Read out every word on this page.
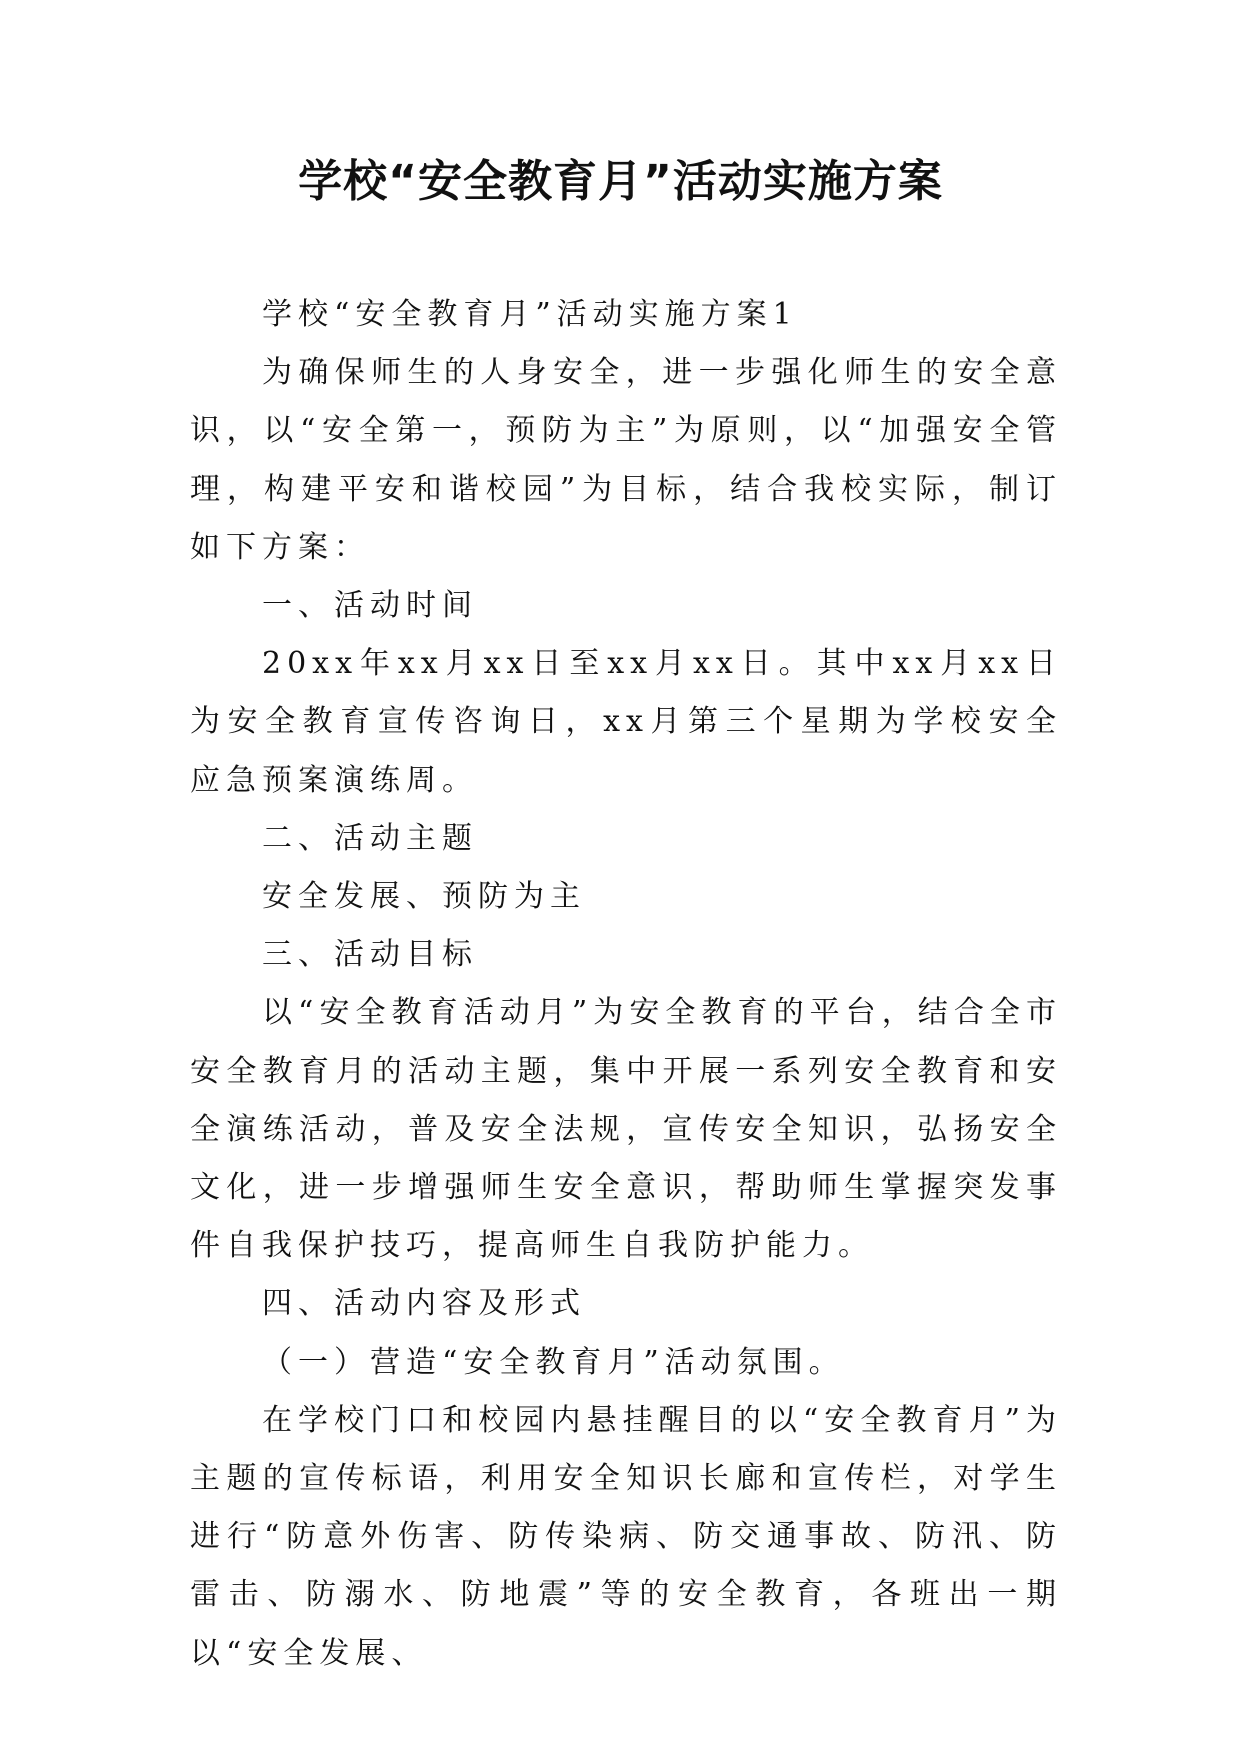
学校“安全教育月”活动实施方案

学校“安全教育月”活动实施方案1

为确保师生的人身安全，进一步强化师生的安全意识，以“安全第一，预防为主”为原则，以“加强安全管理，构建平安和谐校园”为目标，结合我校实际，制订如下方案：

一、活动时间

20xx年xx月xx日至xx月xx日。其中xx月xx日为安全教育宣传咨询日，xx月第三个星期为学校安全应急预案演练周。

二、活动主题

安全发展、预防为主

三、活动目标

以“安全教育活动月”为安全教育的平台，结合全市安全教育月的活动主题，集中开展一系列安全教育和安全演练活动，普及安全法规，宣传安全知识，弘扬安全文化，进一步增强师生安全意识，帮助师生掌握突发事件自我保护技巧，提高师生自我防护能力。

四、活动内容及形式

（一）营造“安全教育月”活动氛围。

在学校门口和校园内悬挂醒目的以“安全教育月”为主题的宣传标语，利用安全知识长廊和宣传栏，对学生进行“防意外伤害、防传染病、防交通事故、防汛、防雷击、防溺水、防地震”等的安全教育，各班出一期以“安全发展、
